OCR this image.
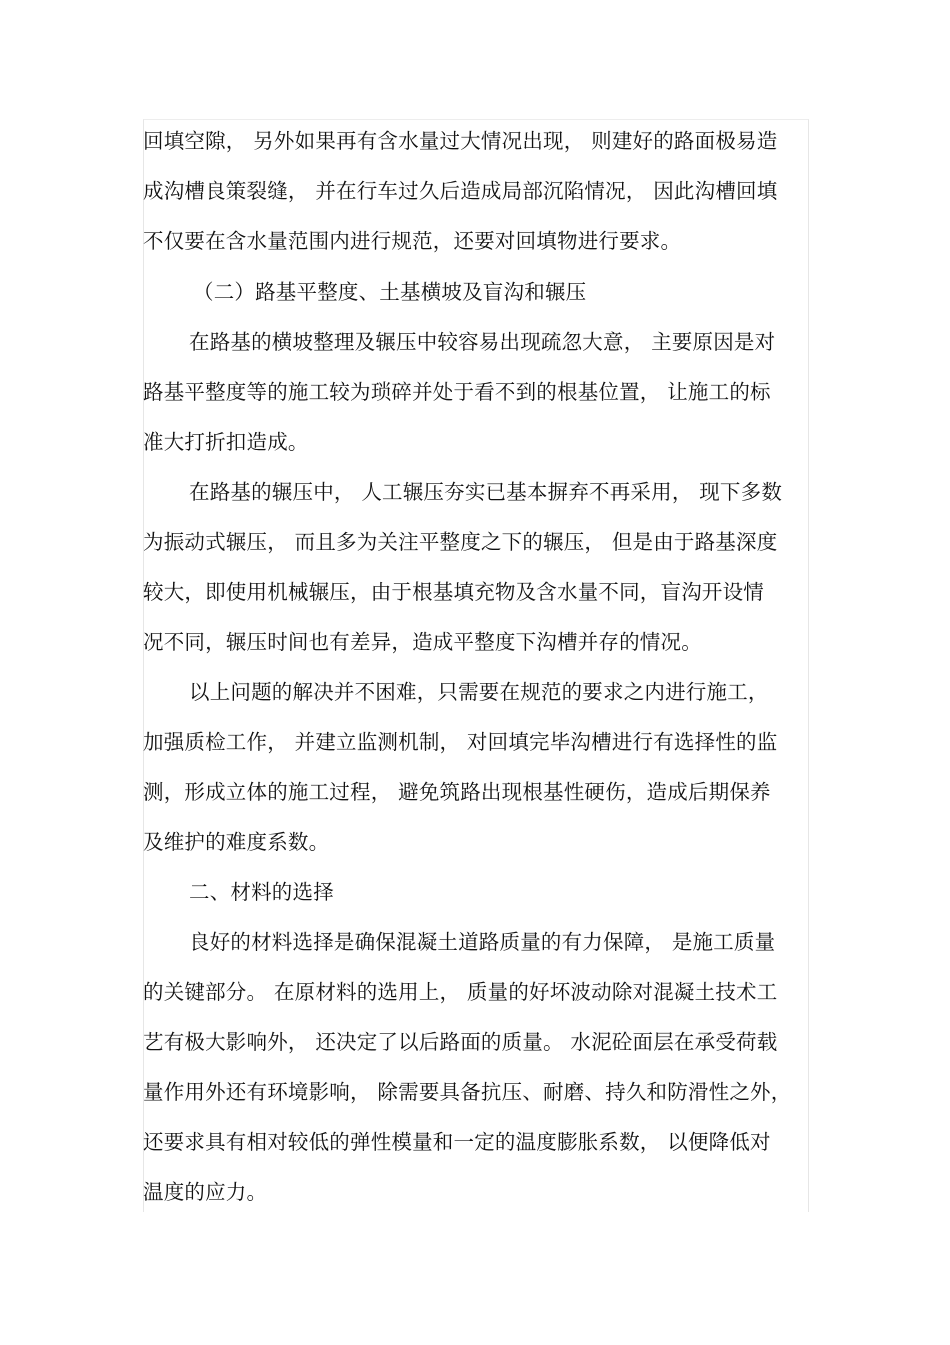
回填空隙， 另外如果再有含水量过大情况出现， 则建好的路面极易造
成沟槽良策裂缝， 并在行车过久后造成局部沉陷情况， 因此沟槽回填
不仅要在含水量范围内进行规范，还要对回填物进行要求。
（二）路基平整度、土基横坡及盲沟和辗压
在路基的横坡整理及辗压中较容易出现疏忽大意， 主要原因是对
路基平整度等的施工较为琐碎并处于看不到的根基位置， 让施工的标
准大打折扣造成。
在路基的辗压中， 人工辗压夯实已基本摒弃不再采用， 现下多数
为振动式辗压， 而且多为关注平整度之下的辗压， 但是由于路基深度
较大，即使用机械辗压，由于根基填充物及含水量不同，盲沟开设情
况不同，辗压时间也有差异，造成平整度下沟槽并存的情况。
以上问题的解决并不困难，只需要在规范的要求之内进行施工，
加强质检工作， 并建立监测机制， 对回填完毕沟槽进行有选择性的监
测，形成立体的施工过程， 避免筑路出现根基性硬伤，造成后期保养
及维护的难度系数。
二、材料的选择
良好的材料选择是确保混凝土道路质量的有力保障， 是施工质量
的关键部分。 在原材料的选用上， 质量的好坏波动除对混凝土技术工
艺有极大影响外， 还决定了以后路面的质量。 水泥砼面层在承受荷载
量作用外还有环境影响， 除需要具备抗压、耐磨、持久和防滑性之外，
还要求具有相对较低的弹性模量和一定的温度膨胀系数， 以便降低对
温度的应力。
